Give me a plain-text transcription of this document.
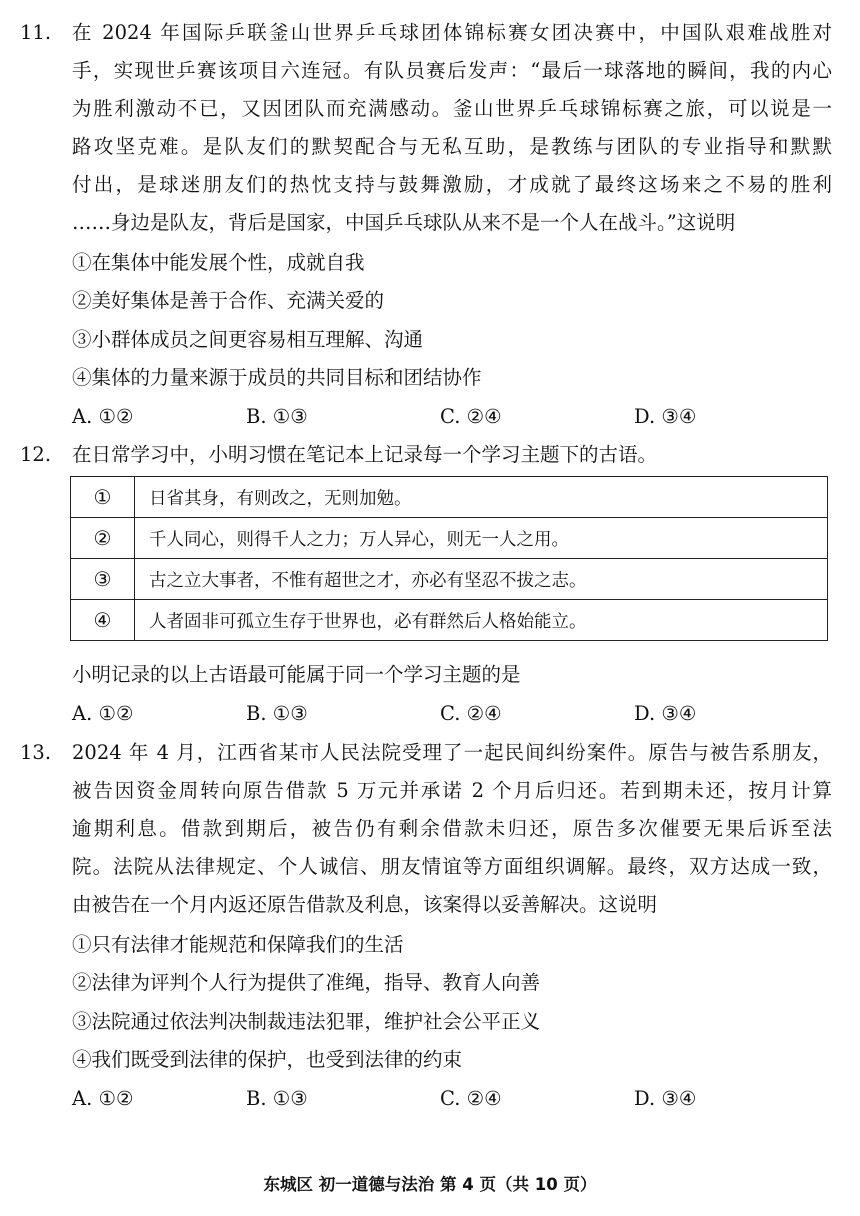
11. 在 2024 年国际乒联釜山世界乒乓球团体锦标赛女团决赛中，中国队艰难战胜对
手，实现世乒赛该项目六连冠。有队员赛后发声：“最后一球落地的瞬间，我的内心
为胜利激动不已，又因团队而充满感动。釜山世界乒乓球锦标赛之旅，可以说是一
路攻坚克难。是队友们的默契配合与无私互助，是教练与团队的专业指导和默默
付出，是球迷朋友们的热忱支持与鼓舞激励，才成就了最终这场来之不易的胜利
……身边是队友，背后是国家，中国乒乓球队从来不是一个人在战斗。”这说明
①在集体中能发展个性，成就自我
②美好集体是善于合作、充满关爱的
③小群体成员之间更容易相互理解、沟通
④集体的力量来源于成员的共同目标和团结协作
A. ①②	B. ①③	C. ②④	D. ③④
12. 在日常学习中，小明习惯在笔记本上记录每一个学习主题下的古语。
①	日省其身，有则改之，无则加勉。
②	千人同心，则得千人之力；万人异心，则无一人之用。
③	古之立大事者，不惟有超世之才，亦必有坚忍不拔之志。
④	人者固非可孤立生存于世界也，必有群然后人格始能立。
小明记录的以上古语最可能属于同一个学习主题的是
A. ①②	B. ①③	C. ②④	D. ③④
13. 2024 年 4 月，江西省某市人民法院受理了一起民间纠纷案件。原告与被告系朋友，
被告因资金周转向原告借款 5 万元并承诺 2 个月后归还。若到期未还，按月计算
逾期利息。借款到期后，被告仍有剩余借款未归还，原告多次催要无果后诉至法
院。法院从法律规定、个人诚信、朋友情谊等方面组织调解。最终，双方达成一致，
由被告在一个月内返还原告借款及利息，该案得以妥善解决。这说明
①只有法律才能规范和保障我们的生活
②法律为评判个人行为提供了准绳，指导、教育人向善
③法院通过依法判决制裁违法犯罪，维护社会公平正义
④我们既受到法律的保护，也受到法律的约束
A. ①②	B. ①③	C. ②④	D. ③④
东城区 初一道德与法治 第 4 页（共 10 页）
